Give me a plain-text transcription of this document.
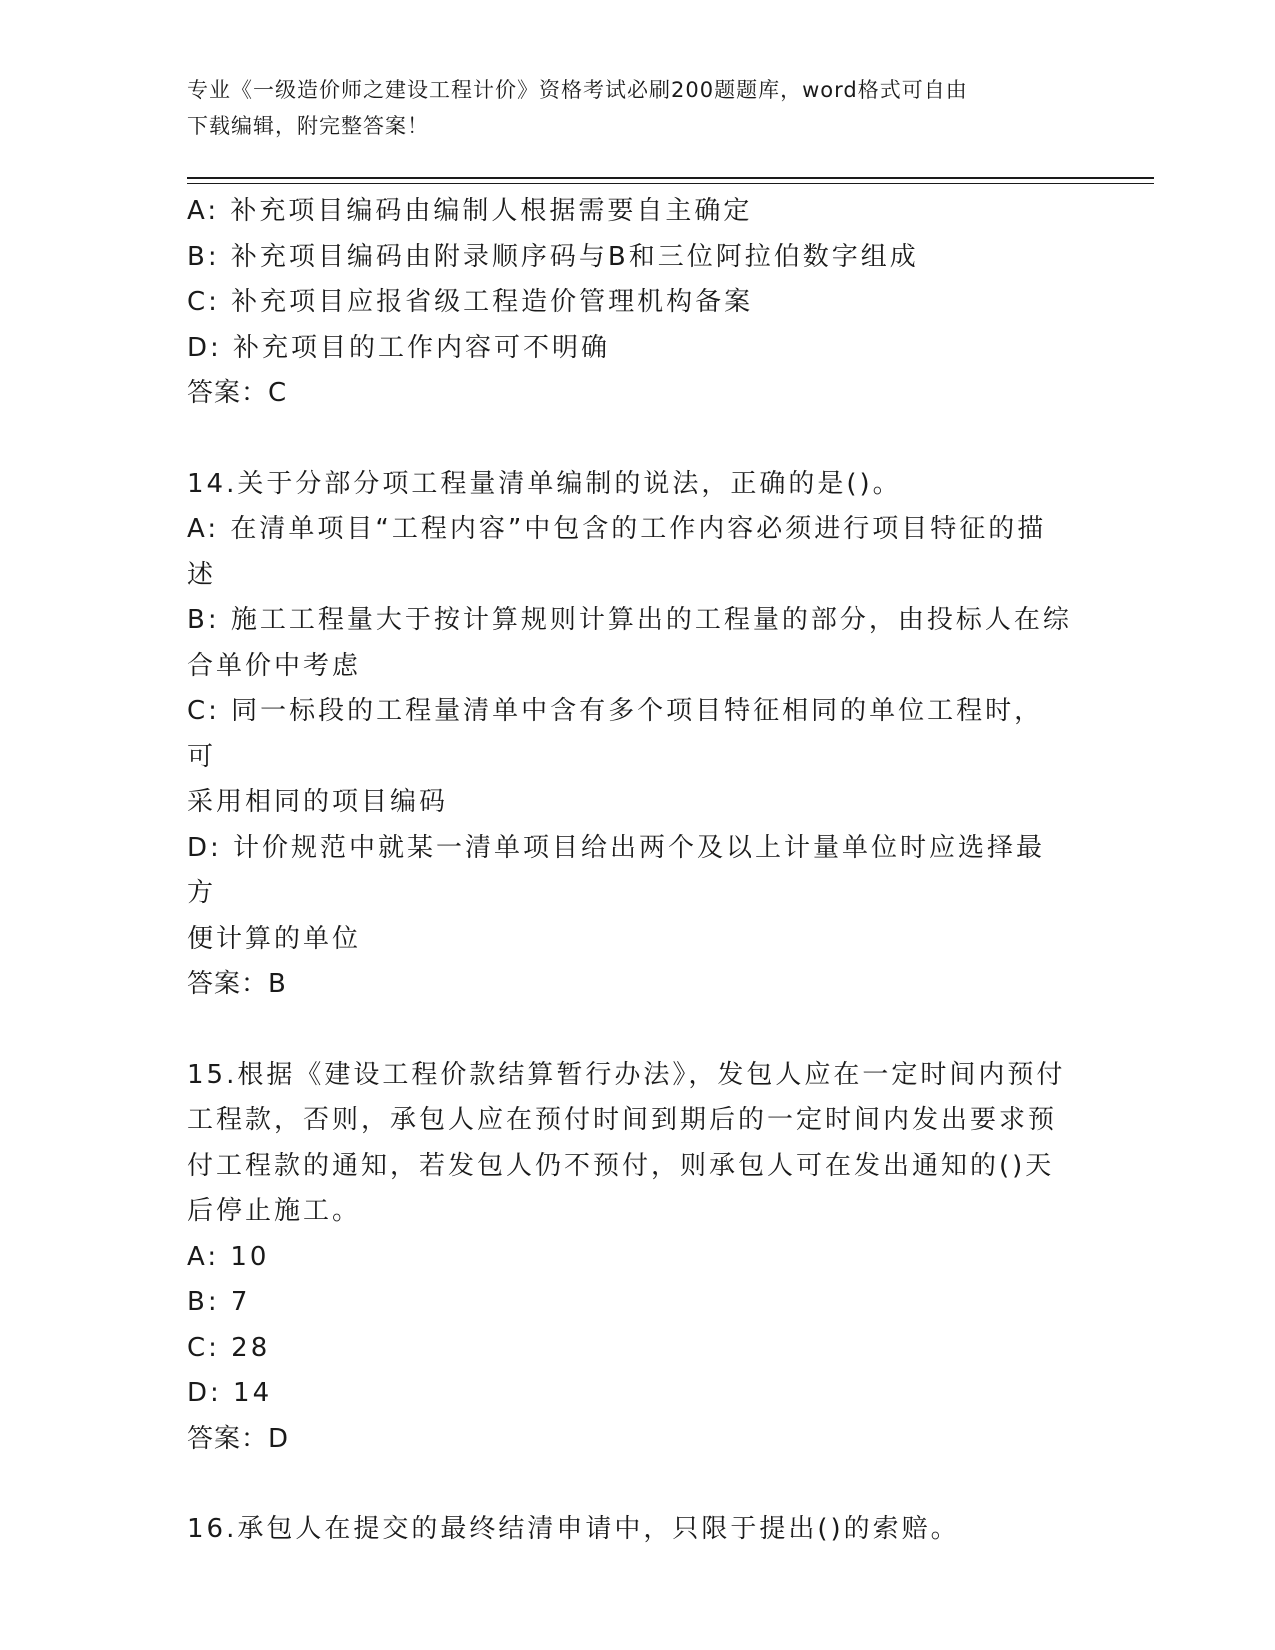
专业《一级造价师之建设工程计价》资格考试必刷200题题库，word格式可自由
下载编辑，附完整答案！
A: 补充项目编码由编制人根据需要自主确定
B: 补充项目编码由附录顺序码与B和三位阿拉伯数字组成
C: 补充项目应报省级工程造价管理机构备案
D: 补充项目的工作内容可不明确
答案：C
14.关于分部分项工程量清单编制的说法，正确的是()。
A: 在清单项目“工程内容”中包含的工作内容必须进行项目特征的描
述
B: 施工工程量大于按计算规则计算出的工程量的部分，由投标人在综
合单价中考虑
C: 同一标段的工程量清单中含有多个项目特征相同的单位工程时，可
采用相同的项目编码
D: 计价规范中就某一清单项目给出两个及以上计量单位时应选择最方
便计算的单位
答案：B
15.根据《建设工程价款结算暂行办法》，发包人应在一定时间内预付
工程款，否则，承包人应在预付时间到期后的一定时间内发出要求预
付工程款的通知，若发包人仍不预付，则承包人可在发出通知的()天
后停止施工。
A: 10
B: 7
C: 28
D: 14
答案：D
16.承包人在提交的最终结清申请中，只限于提出()的索赔。
